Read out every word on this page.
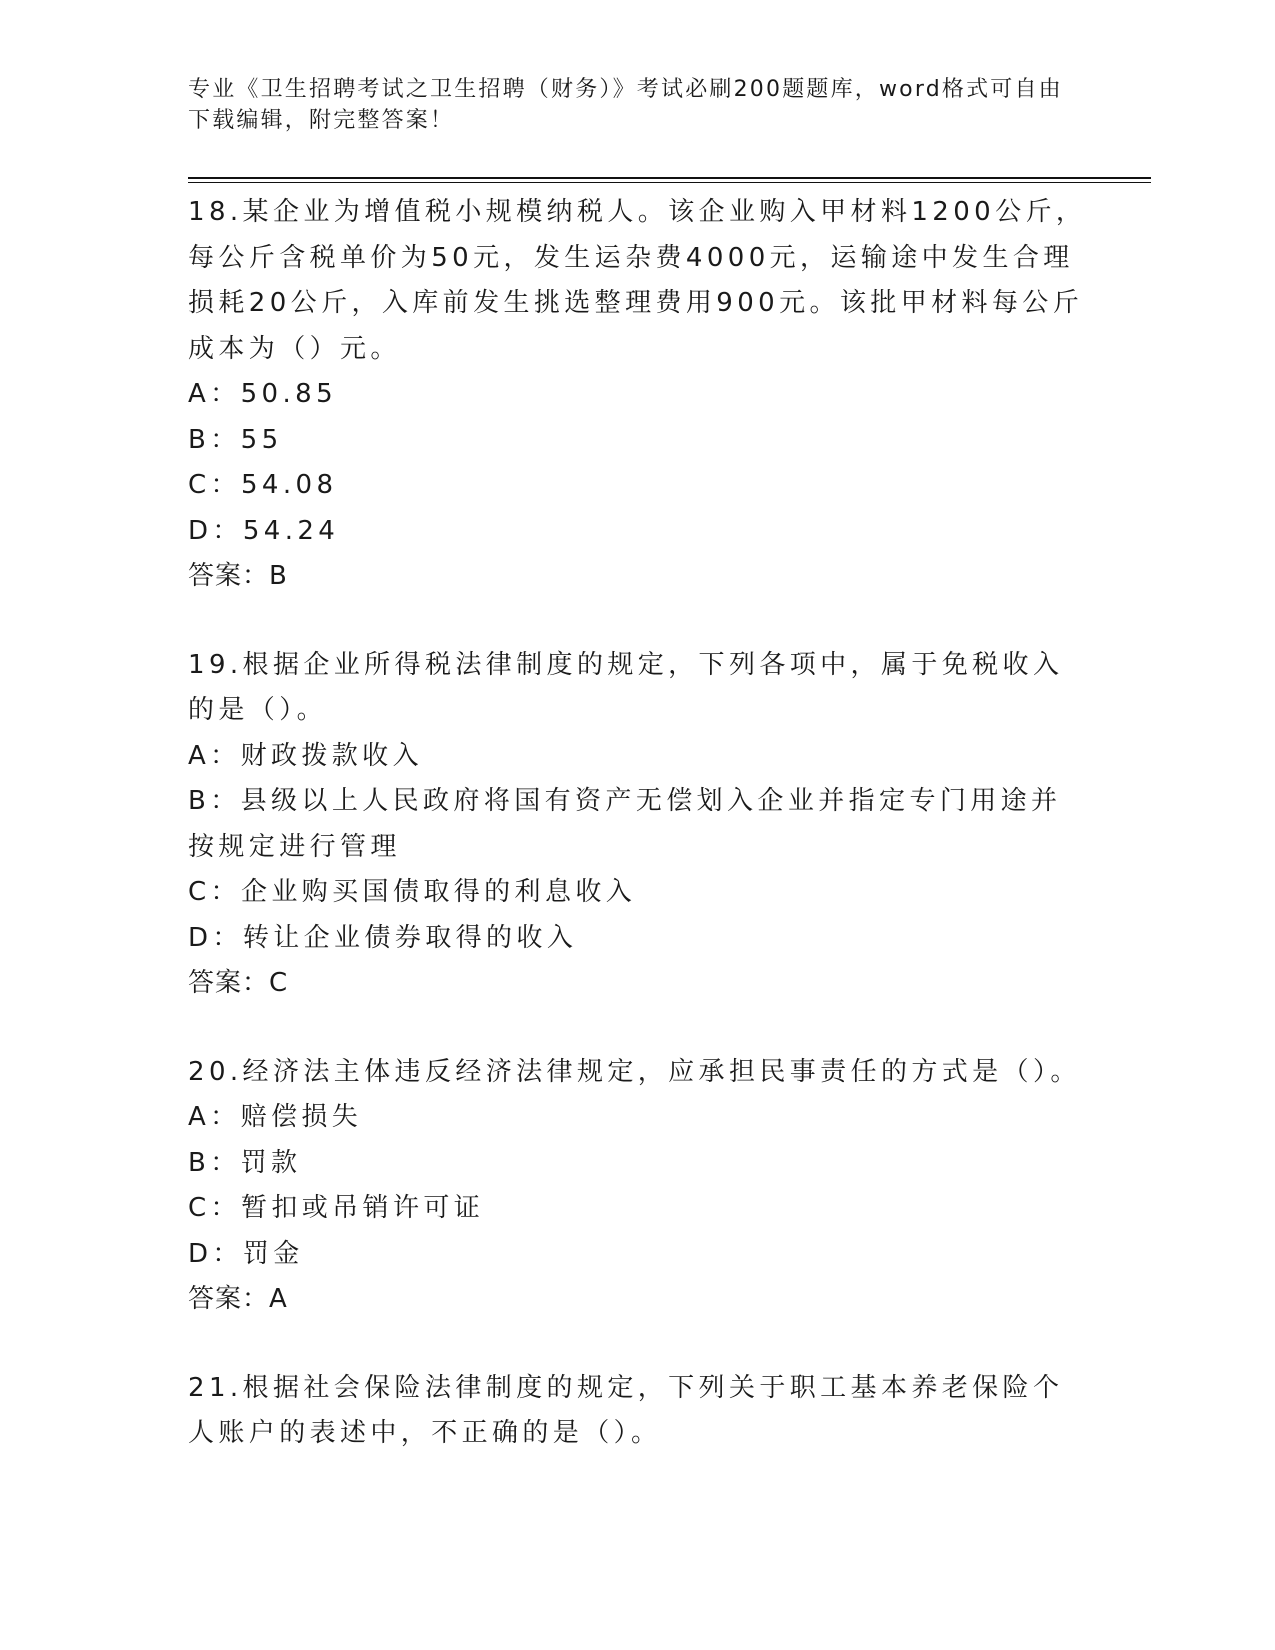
专业《卫生招聘考试之卫生招聘（财务）》考试必刷200题题库，word格式可自由下载编辑，附完整答案！
18.某企业为增值税小规模纳税人。该企业购入甲材料1200公斤，每公斤含税单价为50元，发生运杂费4000元，运输途中发生合理损耗20公斤，入库前发生挑选整理费用900元。该批甲材料每公斤成本为（）元。
A：50.85
B：55
C：54.08
D：54.24
答案：B
19.根据企业所得税法律制度的规定，下列各项中，属于免税收入的是（）。
A：财政拨款收入
B：县级以上人民政府将国有资产无偿划入企业并指定专门用途并按规定进行管理
C：企业购买国债取得的利息收入
D：转让企业债券取得的收入
答案：C
20.经济法主体违反经济法律规定，应承担民事责任的方式是（）。
A：赔偿损失
B：罚款
C：暂扣或吊销许可证
D：罚金
答案：A
21.根据社会保险法律制度的规定，下列关于职工基本养老保险个人账户的表述中，不正确的是（）。
